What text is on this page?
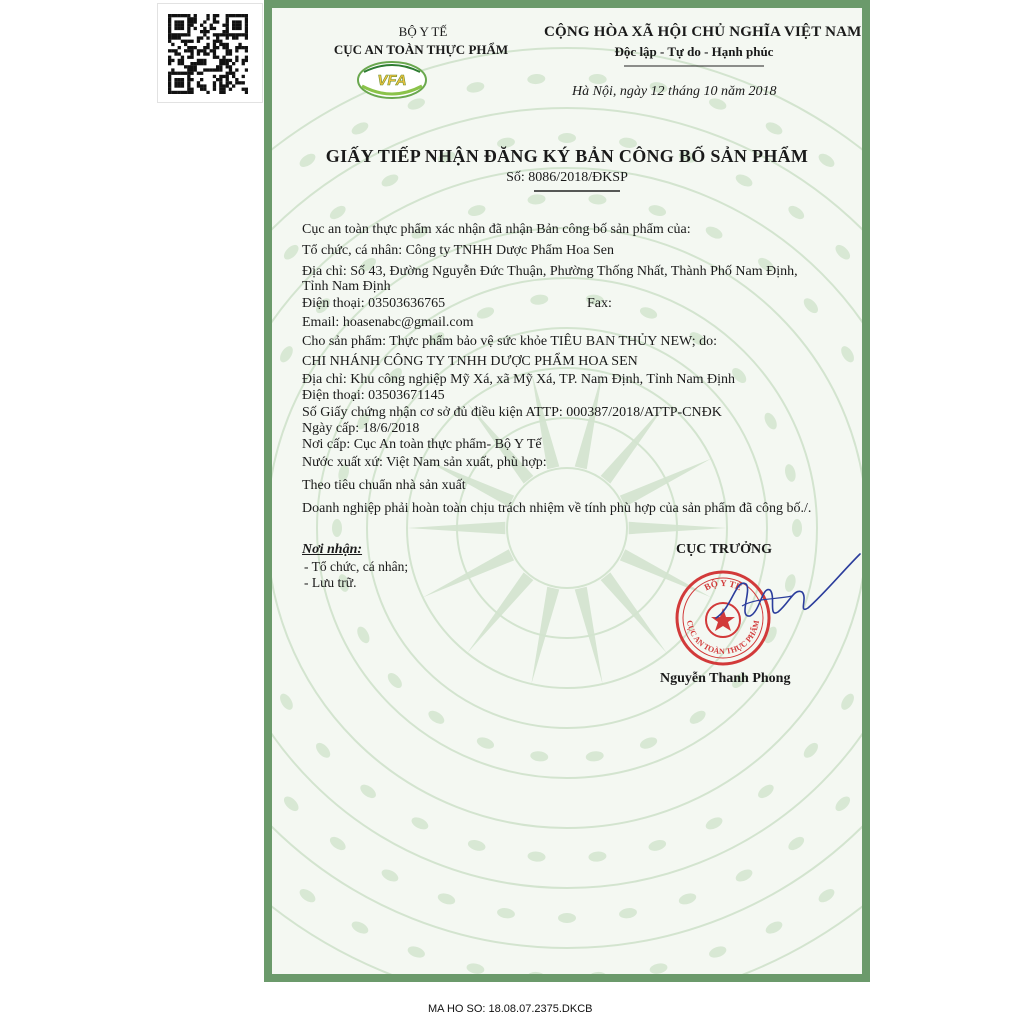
BỘ Y TẾ
CỤC AN TOÀN THỰC PHẨM
VFA
CỘNG HÒA XÃ HỘI CHỦ NGHĨA VIỆT NAM
Độc lập - Tự do - Hạnh phúc
Hà Nội, ngày 12 tháng 10 năm 2018
GIẤY TIẾP NHẬN ĐĂNG KÝ BẢN CÔNG BỐ SẢN PHẨM
Số: 8086/2018/ĐKSP
Cục an toàn thực phẩm xác nhận đã nhận Bản công bố sản phẩm của:
Tổ chức, cá nhân: Công ty TNHH Dược Phẩm Hoa Sen
Địa chỉ: Số 43, Đường Nguyễn Đức Thuận, Phường Thống Nhất, Thành Phố Nam Định,
Tỉnh Nam Định
Điện thoại: 03503636765	Fax:
Email: hoasenabc@gmail.com
Cho sản phẩm: Thực phẩm bảo vệ sức khỏe TIÊU BAN THỦY NEW; do:
CHI NHÁNH CÔNG TY TNHH DƯỢC PHẨM HOA SEN
Địa chỉ: Khu công nghiệp Mỹ Xá, xã Mỹ Xá, TP. Nam Định, Tỉnh Nam Định
Điện thoại: 03503671145
Số Giấy chứng nhận cơ sở đủ điều kiện ATTP: 000387/2018/ATTP-CNĐK
Ngày cấp: 18/6/2018
Nơi cấp: Cục An toàn thực phẩm- Bộ Y Tế
Nước xuất xứ: Việt Nam sản xuất, phù hợp:
Theo tiêu chuẩn nhà sản xuất
Doanh nghiệp phải hoàn toàn chịu trách nhiệm về tính phù hợp của sản phẩm đã công bố./.
Nơi nhận:
- Tổ chức, cá nhân;
- Lưu trữ.
CỤC TRƯỞNG
BỘ Y TẾ
CỤC AN TOÀN THỰC PHẨM
Nguyễn Thanh Phong
MA HO SO: 18.08.07.2375.DKCB
